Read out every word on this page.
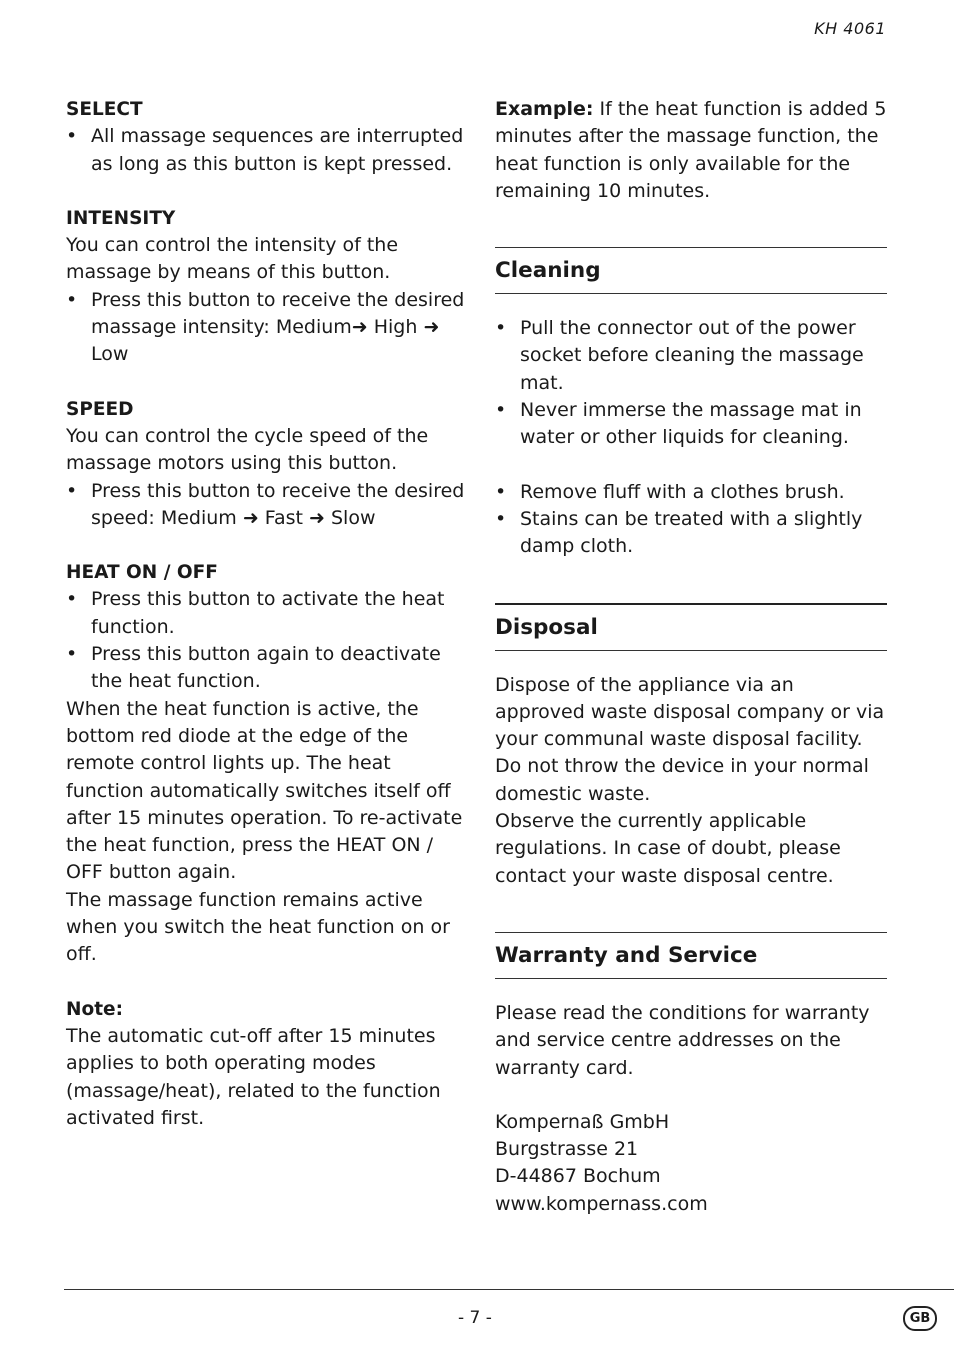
KH 4061
SELECT
• All massage sequences are interrupted as long as this button is kept pressed.
INTENSITY

You can control the intensity of the massage by means of this button.

• Press this button to receive the desired massage intensity: Medium➜ High ➜ Low
SPEED

You can control the cycle speed of the massage motors using this button.

• Press this button to receive the desired speed: Medium ➜ Fast ➜ Slow
HEAT ON / OFF
• Press this button to activate the heat function.
• Press this button again to deactivate the heat function.

When the heat function is active, the bottom red diode at the edge of the remote control lights up. The heat function automatically switches itself off after 15 minutes operation. To re-activate the heat function, press the HEAT ON / OFF button again.

The massage function remains active when you switch the heat function on or off.

Note:

The automatic cut-off after 15 minutes applies to both operating modes (massage/heat), related to the function activated first.

Example: If the heat function is added 5 minutes after the massage function, the heat function is only available for the remaining 10 minutes.

Cleaning
• Pull the connector out of the power socket before cleaning the massage mat.
• Never immerse the massage mat in water or other liquids for cleaning.
• Remove fluff with a clothes brush.
• Stains can be treated with a slightly damp cloth.
Disposal

Dispose of the appliance via an approved waste disposal company or via your communal waste disposal facility.

Do not throw the device in your normal domestic waste.

Observe the currently applicable regulations. In case of doubt, please contact your waste disposal centre.

Warranty and Service

Please read the conditions for warranty and service centre addresses on the warranty card.

Kompernaß GmbH
Burgstrasse 21
D-44867 Bochum
www.kompernass.com
- 7 -	GB
